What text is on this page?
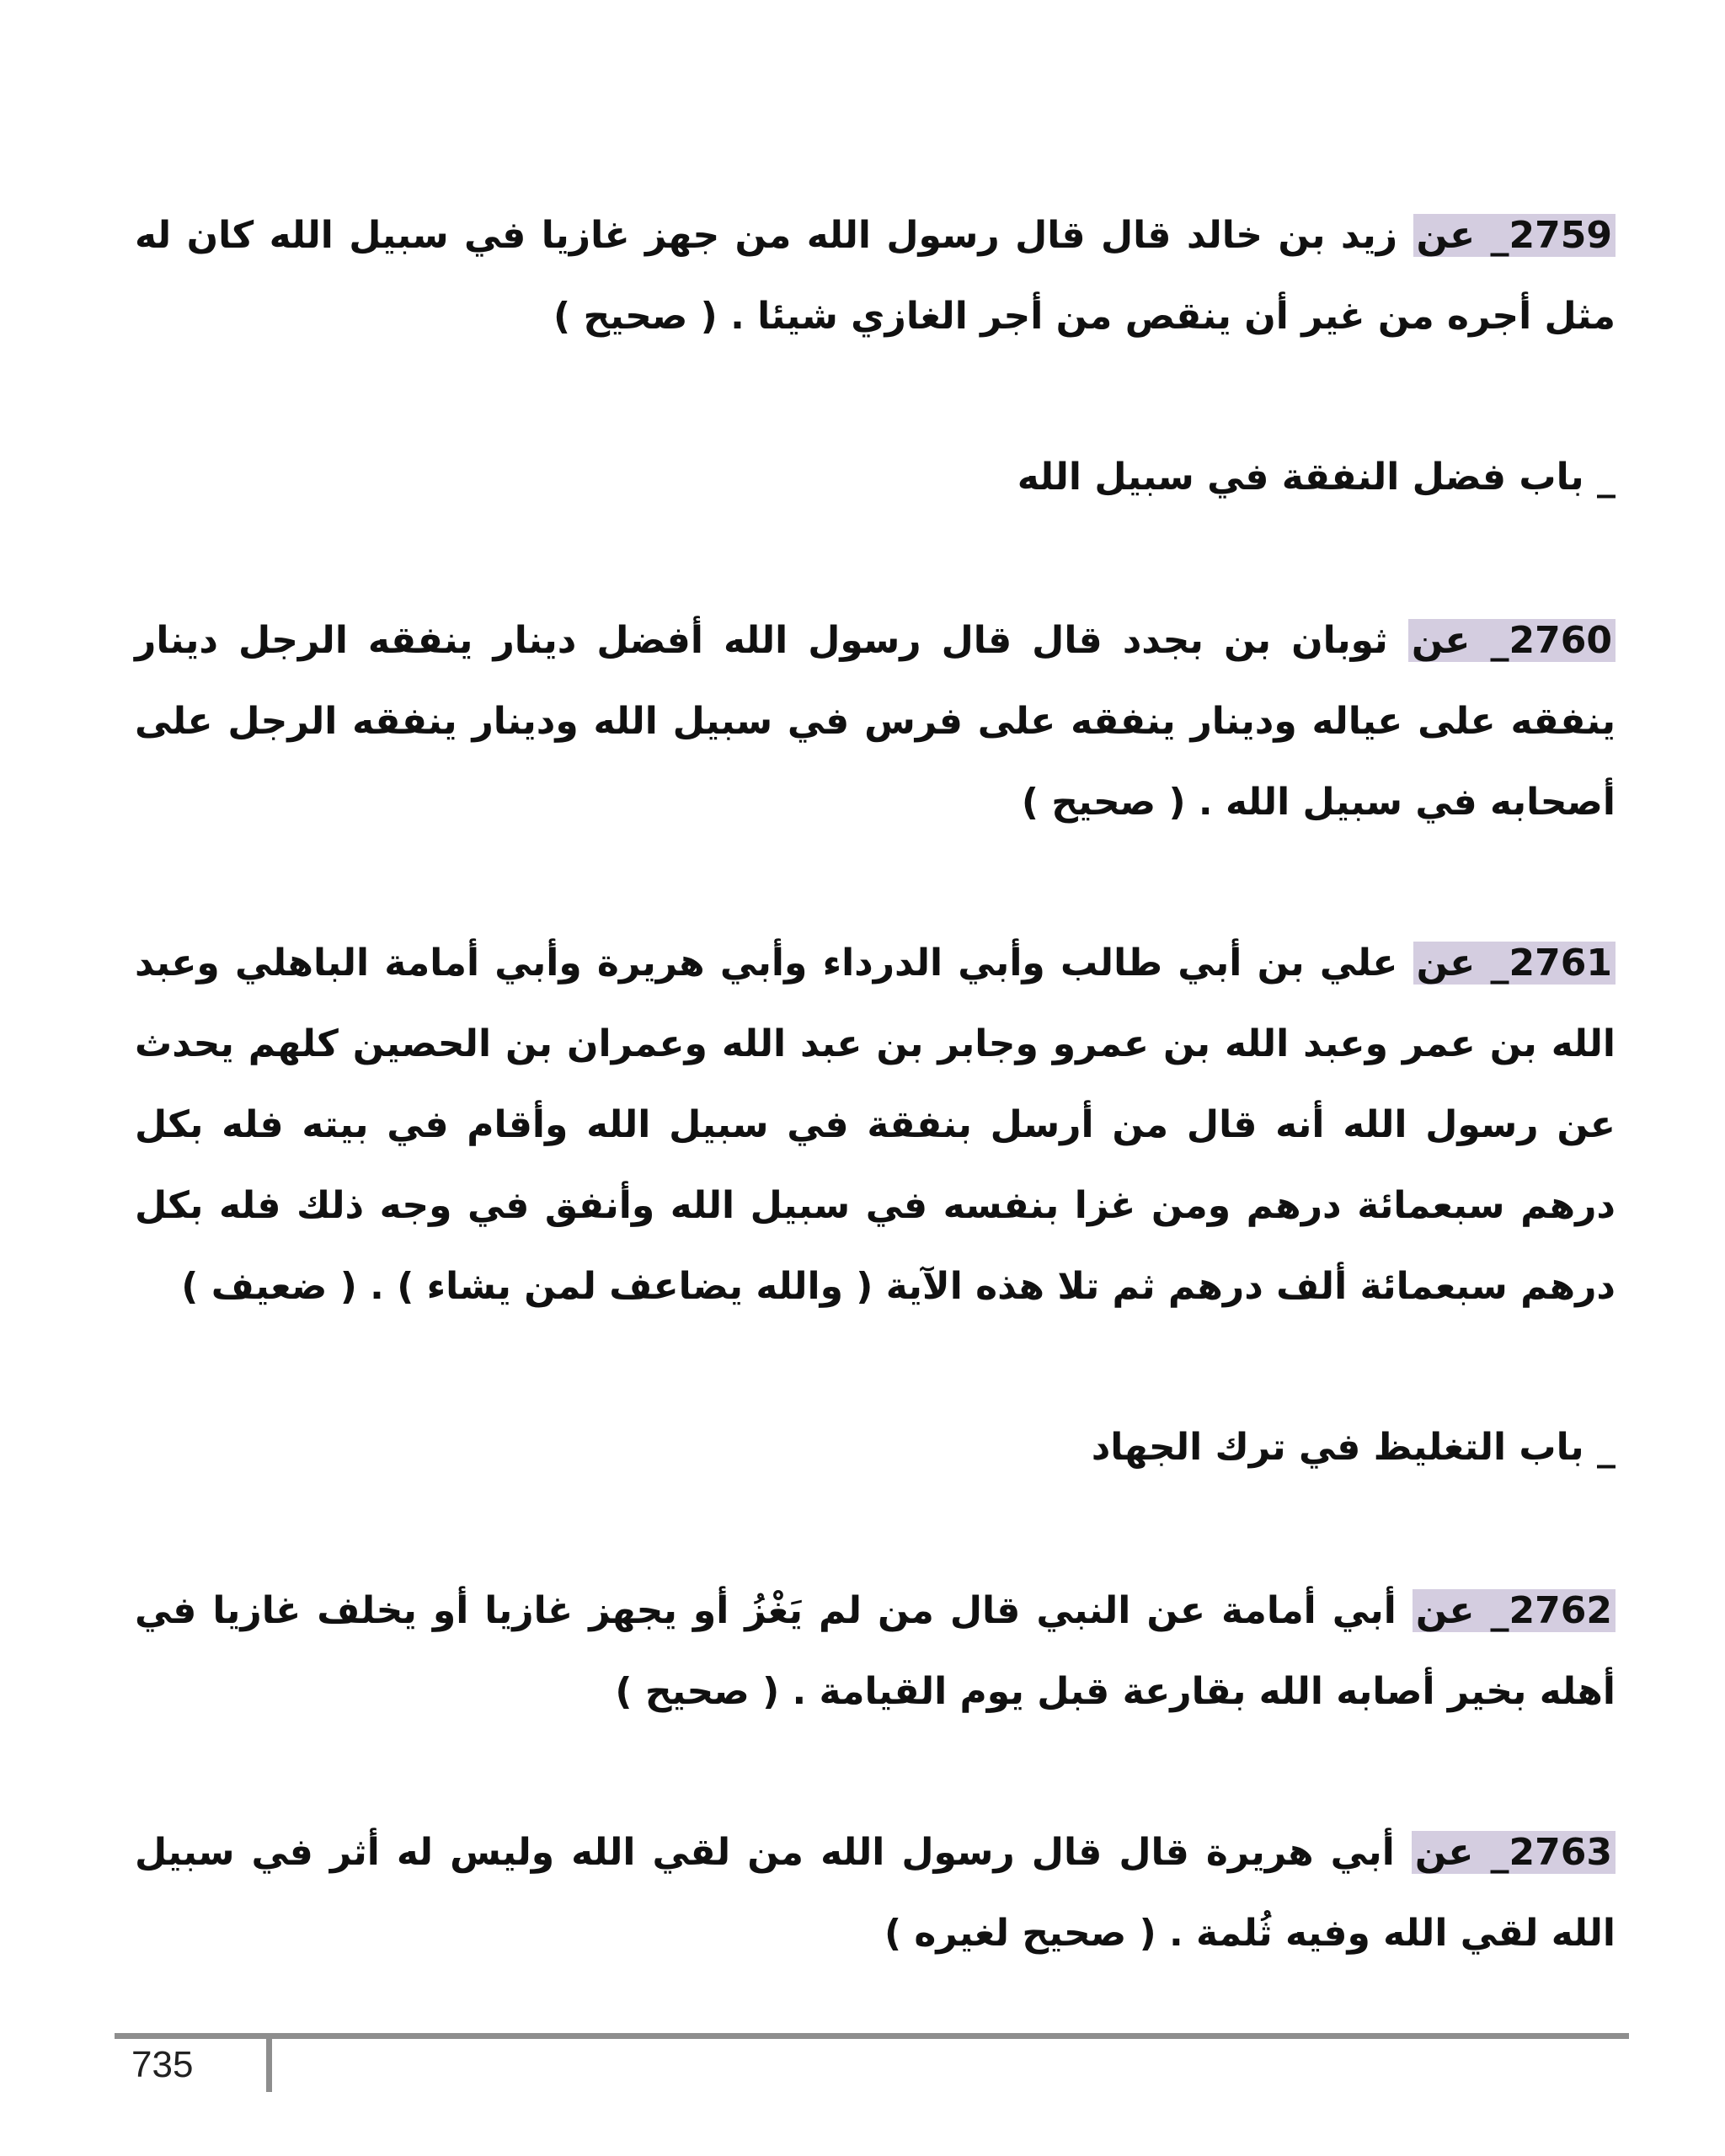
2759_ عن زيد بن خالد قال قال رسول الله من جهز غازيا في سبيل الله كان له مثل أجره من غير أن ينقص من أجر الغازي شيئا . ( صحيح )

_ باب فضل النفقة في سبيل الله

2760_ عن ثوبان بن بجدد قال قال رسول الله أفضل دينار ينفقه الرجل دينار ينفقه على عياله ودينار ينفقه على فرس في سبيل الله ودينار ينفقه الرجل على أصحابه في سبيل الله . ( صحيح )

2761_ عن علي بن أبي طالب وأبي الدرداء وأبي هريرة وأبي أمامة الباهلي وعبد الله بن عمر وعبد الله بن عمرو وجابر بن عبد الله وعمران بن الحصين كلهم يحدث عن رسول الله أنه قال من أرسل بنفقة في سبيل الله وأقام في بيته فله بكل درهم سبعمائة درهم ومن غزا بنفسه في سبيل الله وأنفق في وجه ذلك فله بكل درهم سبعمائة ألف درهم ثم تلا هذه الآية ( والله يضاعف لمن يشاء ) . ( ضعيف )

_ باب التغليظ في ترك الجهاد

2762_ عن أبي أمامة عن النبي قال من لم يَغْزُ أو يجهز غازيا أو يخلف غازيا في أهله بخير أصابه الله بقارعة قبل يوم القيامة . ( صحيح )

2763_ عن أبي هريرة قال قال رسول الله من لقي الله وليس له أثر في سبيل الله لقي الله وفيه ثُلمة . ( صحيح لغيره )

735
